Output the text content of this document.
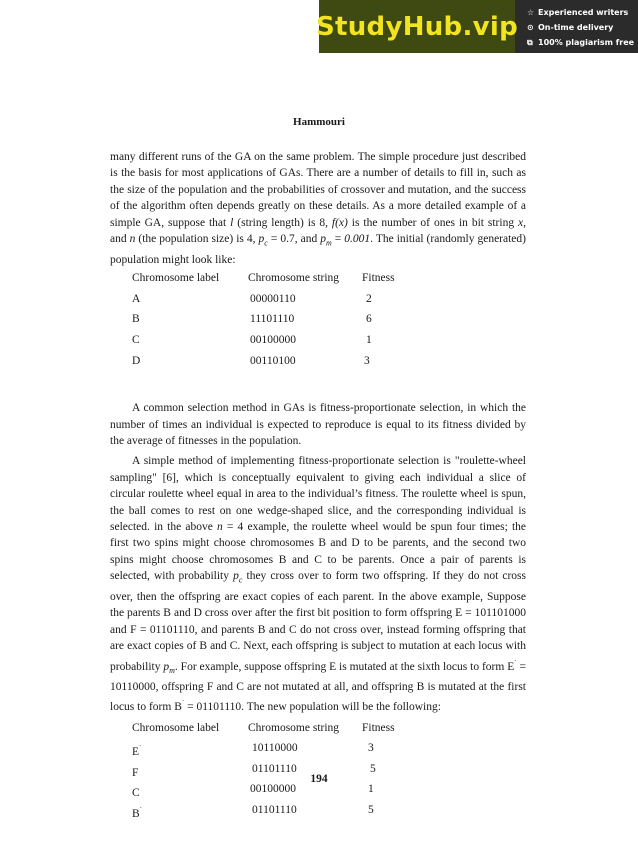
StudyHub.vip ☆ Experienced writers
⊙ On-time delivery
⧉ 100% plagiarism free
Hammouri

many different runs of the GA on the same problem. The simple procedure just described is the basis for most applications of GAs. There are a number of details to fill in, such as the size of the population and the probabilities of crossover and mutation, and the success of the algorithm often depends greatly on these details. As a more detailed example of a simple GA, suppose that l (string length) is 8, f(x) is the number of ones in bit string x, and n (the population size) is 4, $p_c = 0.7$, and $p_m = 0.001$. The initial (randomly generated) population might look like:

Chromosome label	Chromosome string	Fitness
A	00000110	2
B	11101110	6
C	00100000	1
D	00110100	3

A common selection method in GAs is fitness-proportionate selection, in which the number of times an individual is expected to reproduce is equal to its fitness divided by the average of fitnesses in the population.

A simple method of implementing fitness-proportionate selection is "roulette-wheel sampling" [6], which is conceptually equivalent to giving each individual a slice of circular roulette wheel equal in area to the individual’s fitness. The roulette wheel is spun, the ball comes to rest on one wedge-shaped slice, and the corresponding individual is selected. in the above n = 4 example, the roulette wheel would be spun four times; the first two spins might choose chromosomes B and D to be parents, and the second two spins might choose chromosomes B and C to be parents. Once a pair of parents is selected, with probability $p_c$ they cross over to form two offspring. If they do not cross over, then the offspring are exact copies of each parent. In the above example, Suppose the parents B and D cross over after the first bit position to form offspring E = 101101000 and F = 01101110, and parents B and C do not cross over, instead forming offspring that are exact copies of B and C. Next, each offspring is subject to mutation at each locus with probability $p_m$. For example, suppose offspring E is mutated at the sixth locus to form E` = 10110000, offspring F and C are not mutated at all, and offspring B is mutated at the first locus to form B` = 01101110. The new population will be the following:

Chromosome label	Chromosome string	Fitness
E`	10110000	3
F	01101110	5
C	00100000	1
B`	01101110	5
194
